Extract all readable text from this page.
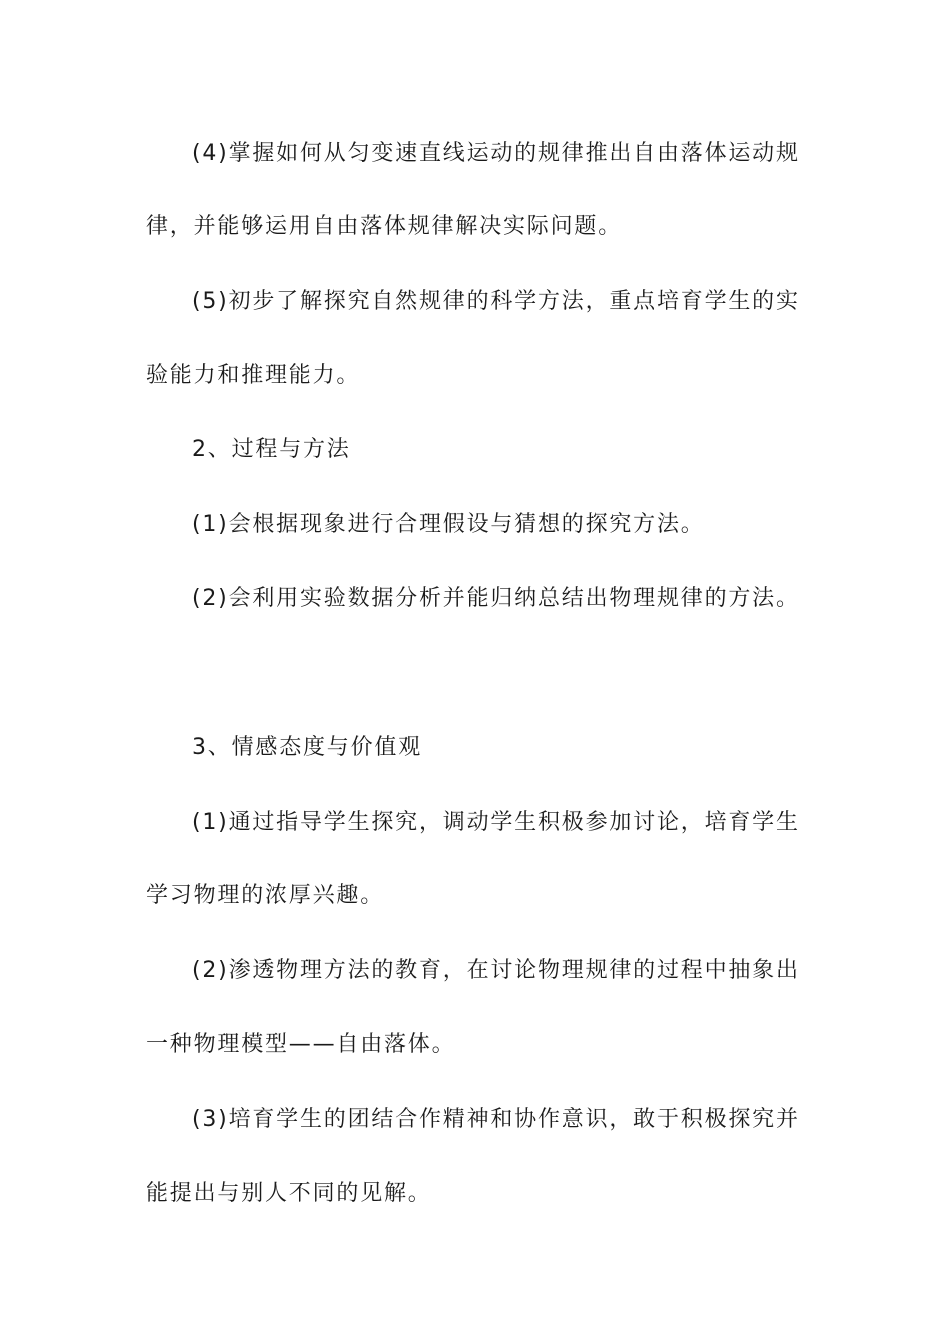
(4)掌握如何从匀变速直线运动的规律推出自由落体运动规

律，并能够运用自由落体规律解决实际问题。

(5)初步了解探究自然规律的科学方法，重点培育学生的实

验能力和推理能力。

2、过程与方法

(1)会根据现象进行合理假设与猜想的探究方法。

(2)会利用实验数据分析并能归纳总结出物理规律的方法。

3、情感态度与价值观

(1)通过指导学生探究，调动学生积极参加讨论，培育学生

学习物理的浓厚兴趣。

(2)渗透物理方法的教育，在讨论物理规律的过程中抽象出

一种物理模型——自由落体。

(3)培育学生的团结合作精神和协作意识，敢于积极探究并

能提出与别人不同的见解。
